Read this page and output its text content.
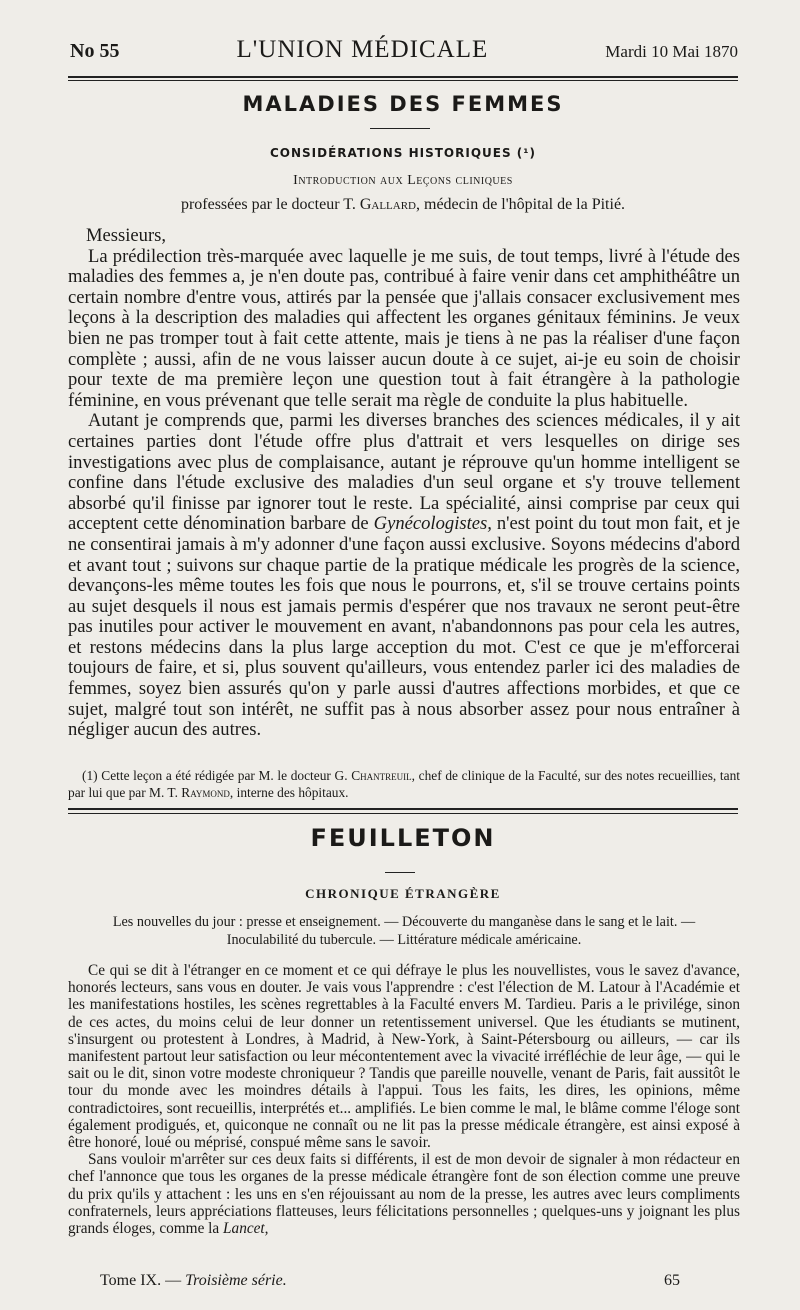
No 55	L'UNION MÉDICALE	Mardi 10 Mai 1870
MALADIES DES FEMMES
CONSIDÉRATIONS HISTORIQUES (¹)
Introduction aux Leçons cliniques
professées par le docteur T. Gallard, médecin de l'hôpital de la Pitié.

Messieurs,

La prédilection très-marquée avec laquelle je me suis, de tout temps, livré à l'étude des maladies des femmes a, je n'en doute pas, contribué à faire venir dans cet amphithéâtre un certain nombre d'entre vous, attirés par la pensée que j'allais consacer exclusivement mes leçons à la description des maladies qui affectent les organes génitaux féminins. Je veux bien ne pas tromper tout à fait cette attente, mais je tiens à ne pas la réaliser d'une façon complète ; aussi, afin de ne vous laisser aucun doute à ce sujet, ai-je eu soin de choisir pour texte de ma première leçon une question tout à fait étrangère à la pathologie féminine, en vous prévenant que telle serait ma règle de conduite la plus habituelle.

Autant je comprends que, parmi les diverses branches des sciences médicales, il y ait certaines parties dont l'étude offre plus d'attrait et vers lesquelles on dirige ses investigations avec plus de complaisance, autant je réprouve qu'un homme intelligent se confine dans l'étude exclusive des maladies d'un seul organe et s'y trouve tellement absorbé qu'il finisse par ignorer tout le reste. La spécialité, ainsi comprise par ceux qui acceptent cette dénomination barbare de Gynécologistes, n'est point du tout mon fait, et je ne consentirai jamais à m'y adonner d'une façon aussi exclusive. Soyons médecins d'abord et avant tout ; suivons sur chaque partie de la pratique médicale les progrès de la science, devançons-les même toutes les fois que nous le pourrons, et, s'il se trouve certains points au sujet desquels il nous est jamais permis d'espérer que nos travaux ne seront peut-être pas inutiles pour activer le mouvement en avant, n'abandonnons pas pour cela les autres, et restons médecins dans la plus large acception du mot. C'est ce que je m'efforcerai toujours de faire, et si, plus souvent qu'ailleurs, vous entendez parler ici des maladies de femmes, soyez bien assurés qu'on y parle aussi d'autres affections morbides, et que ce sujet, malgré tout son intérêt, ne suffit pas à nous absorber assez pour nous entraîner à négliger aucun des autres.

(1) Cette leçon a été rédigée par M. le docteur G. Chantreuil, chef de clinique de la Faculté, sur des notes recueillies, tant par lui que par M. T. Raymond, interne des hôpitaux.
FEUILLETON
CHRONIQUE ÉTRANGÈRE
Les nouvelles du jour : presse et enseignement. — Découverte du manganèse dans le sang et le lait. —
Inoculabilité du tubercule. — Littérature médicale américaine.

Ce qui se dit à l'étranger en ce moment et ce qui défraye le plus les nouvellistes, vous le savez d'avance, honorés lecteurs, sans vous en douter. Je vais vous l'apprendre : c'est l'élection de M. Latour à l'Académie et les manifestations hostiles, les scènes regrettables à la Faculté envers M. Tardieu. Paris a le privilége, sinon de ces actes, du moins celui de leur donner un retentissement universel. Que les étudiants se mutinent, s'insurgent ou protestent à Londres, à Madrid, à New-York, à Saint-Pétersbourg ou ailleurs, — car ils manifestent partout leur satisfaction ou leur mécontentement avec la vivacité irréfléchie de leur âge, — qui le sait ou le dit, sinon votre modeste chroniqueur ? Tandis que pareille nouvelle, venant de Paris, fait aussitôt le tour du monde avec les moindres détails à l'appui. Tous les faits, les dires, les opinions, même contradictoires, sont recueillis, interprétés et... amplifiés. Le bien comme le mal, le blâme comme l'éloge sont également prodigués, et, quiconque ne connaît ou ne lit pas la presse médicale étrangère, est ainsi exposé à être honoré, loué ou méprisé, conspué même sans le savoir.

Sans vouloir m'arrêter sur ces deux faits si différents, il est de mon devoir de signaler à mon rédacteur en chef l'annonce que tous les organes de la presse médicale étrangère font de son élection comme une preuve du prix qu'ils y attachent : les uns en s'en réjouissant au nom de la presse, les autres avec leurs compliments confraternels, leurs appréciations flatteuses, leurs félicitations personnelles ; quelques-uns y joignant les plus grands éloges, comme la Lancet,

Tome IX. — Troisième série.	65
